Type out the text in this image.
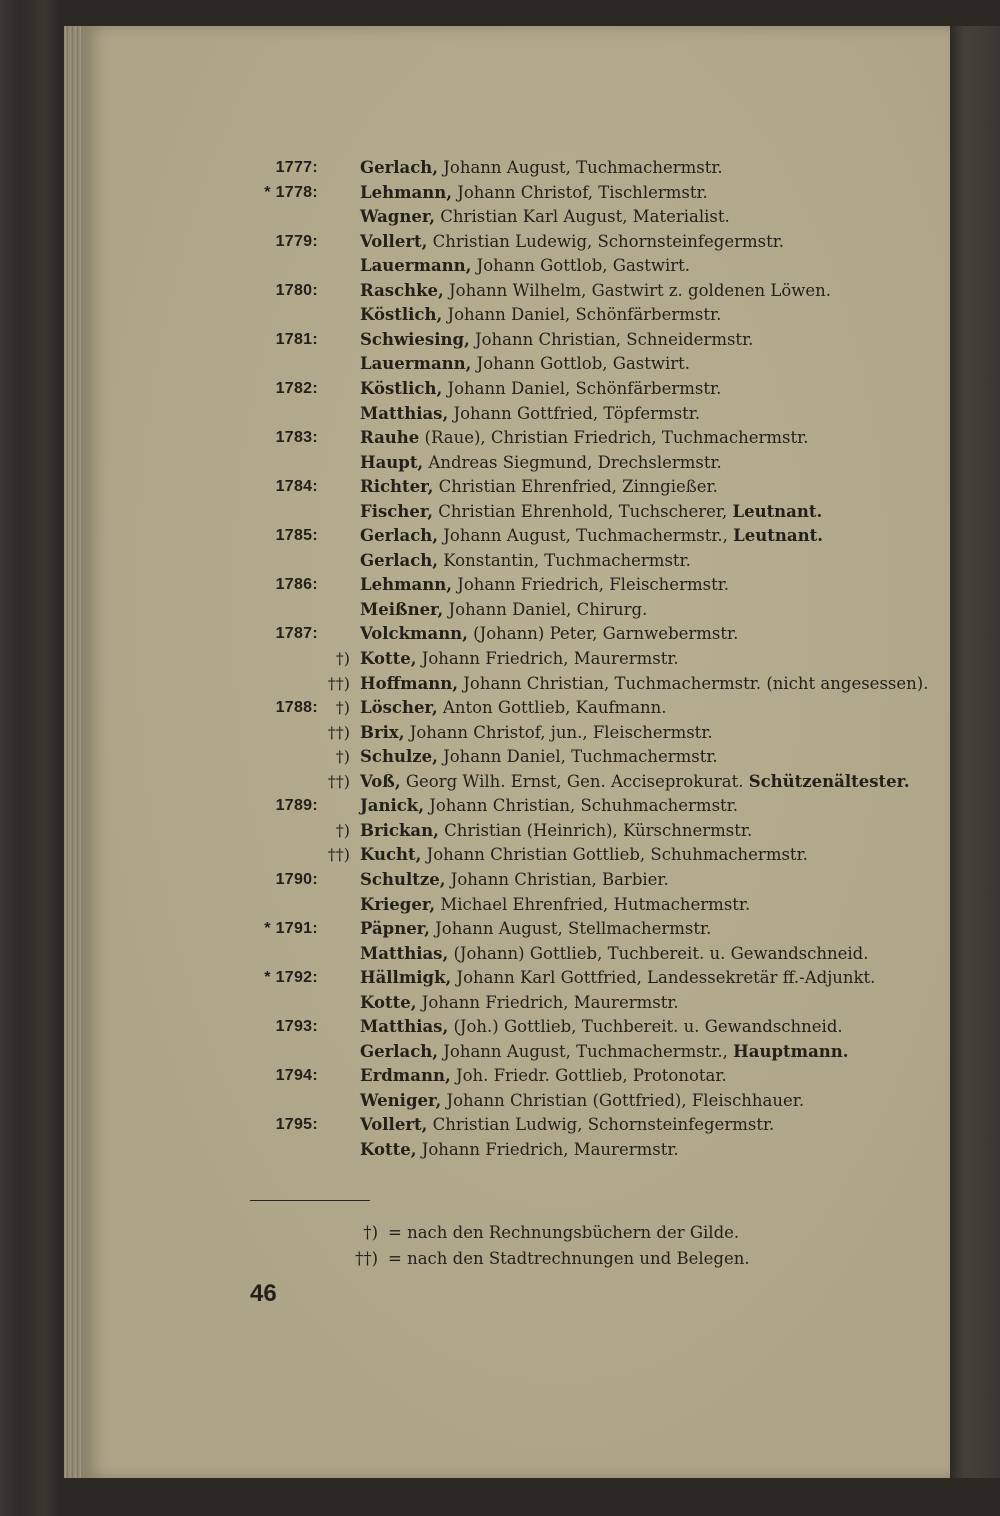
1777:	Gerlach, Johann August, Tuchmachermstr.
* 1778:	Lehmann, Johann Christof, Tischlermstr.
Wagner, Christian Karl August, Materialist.
1779:	Vollert, Christian Ludewig, Schornsteinfegermstr.
Lauermann, Johann Gottlob, Gastwirt.
1780:	Raschke, Johann Wilhelm, Gastwirt z. goldenen Löwen.
Köstlich, Johann Daniel, Schönfärbermstr.
1781:	Schwiesing, Johann Christian, Schneidermstr.
Lauermann, Johann Gottlob, Gastwirt.
1782:	Köstlich, Johann Daniel, Schönfärbermstr.
Matthias, Johann Gottfried, Töpfermstr.
1783:	Rauhe (Raue), Christian Friedrich, Tuchmachermstr.
Haupt, Andreas Siegmund, Drechslermstr.
1784:	Richter, Christian Ehrenfried, Zinngießer.
Fischer, Christian Ehrenhold, Tuchscherer, Leutnant.
1785:	Gerlach, Johann August, Tuchmachermstr., Leutnant.
Gerlach, Konstantin, Tuchmachermstr.
1786:	Lehmann, Johann Friedrich, Fleischermstr.
Meißner, Johann Daniel, Chirurg.
1787:	Volckmann, (Johann) Peter, Garnwebermstr.
†) Kotte, Johann Friedrich, Maurermstr.
††) Hoffmann, Johann Christian, Tuchmachermstr. (nicht angesessen).
1788:	†) Löscher, Anton Gottlieb, Kaufmann.
††) Brix, Johann Christof, jun., Fleischermstr.
†) Schulze, Johann Daniel, Tuchmachermstr.
††) Voß, Georg Wilh. Ernst, Gen. Acciseprokurat. Schützenältester.
1789:	Janick, Johann Christian, Schuhmachermstr.
†) Brickan, Christian (Heinrich), Kürschnermstr.
††) Kucht, Johann Christian Gottlieb, Schuhmachermstr.
1790:	Schultze, Johann Christian, Barbier.
Krieger, Michael Ehrenfried, Hutmachermstr.
* 1791:	Päpner, Johann August, Stellmachermstr.
Matthias, (Johann) Gottlieb, Tuchbereit. u. Gewandschneid.
* 1792:	Hällmigk, Johann Karl Gottfried, Landessekretär ff.-Adjunkt.
Kotte, Johann Friedrich, Maurermstr.
1793:	Matthias, (Joh.) Gottlieb, Tuchbereit. u. Gewandschneid.
Gerlach, Johann August, Tuchmachermstr., Hauptmann.
1794:	Erdmann, Joh. Friedr. Gottlieb, Protonotar.
Weniger, Johann Christian (Gottfried), Fleischhauer.
1795:	Vollert, Christian Ludwig, Schornsteinfegermstr.
Kotte, Johann Friedrich, Maurermstr.
†) = nach den Rechnungsbüchern der Gilde.
††) = nach den Stadtrechnungen und Belegen.
46
